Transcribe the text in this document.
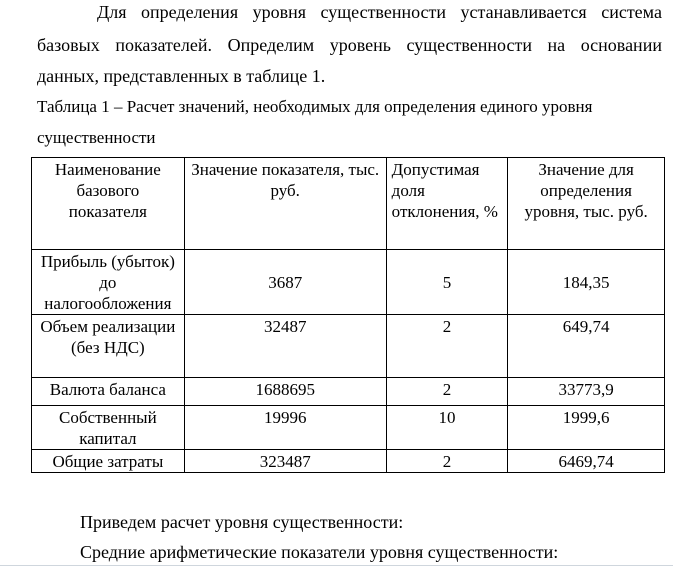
Для определения уровня существенности устанавливается система
базовых показателей. Определим уровень существенности на основании
данных, представленных в таблице 1.
Таблица 1 – Расчет значений, необходимых для определения единого уровня
существенности
Наименование базового показателя	Значение показателя, тыс. руб.	Допустимая доля отклонения, %	Значение для определения уровня, тыс. руб.
Прибыль (убыток) до налогообложения	3687	5	184,35
Объем реализации (без НДС)	32487	2	649,74
Валюта баланса	1688695	2	33773,9
Собственный капитал	19996	10	1999,6
Общие затраты	323487	2	6469,74
Приведем расчет уровня существенности:
Средние арифметические показатели уровня существенности:
